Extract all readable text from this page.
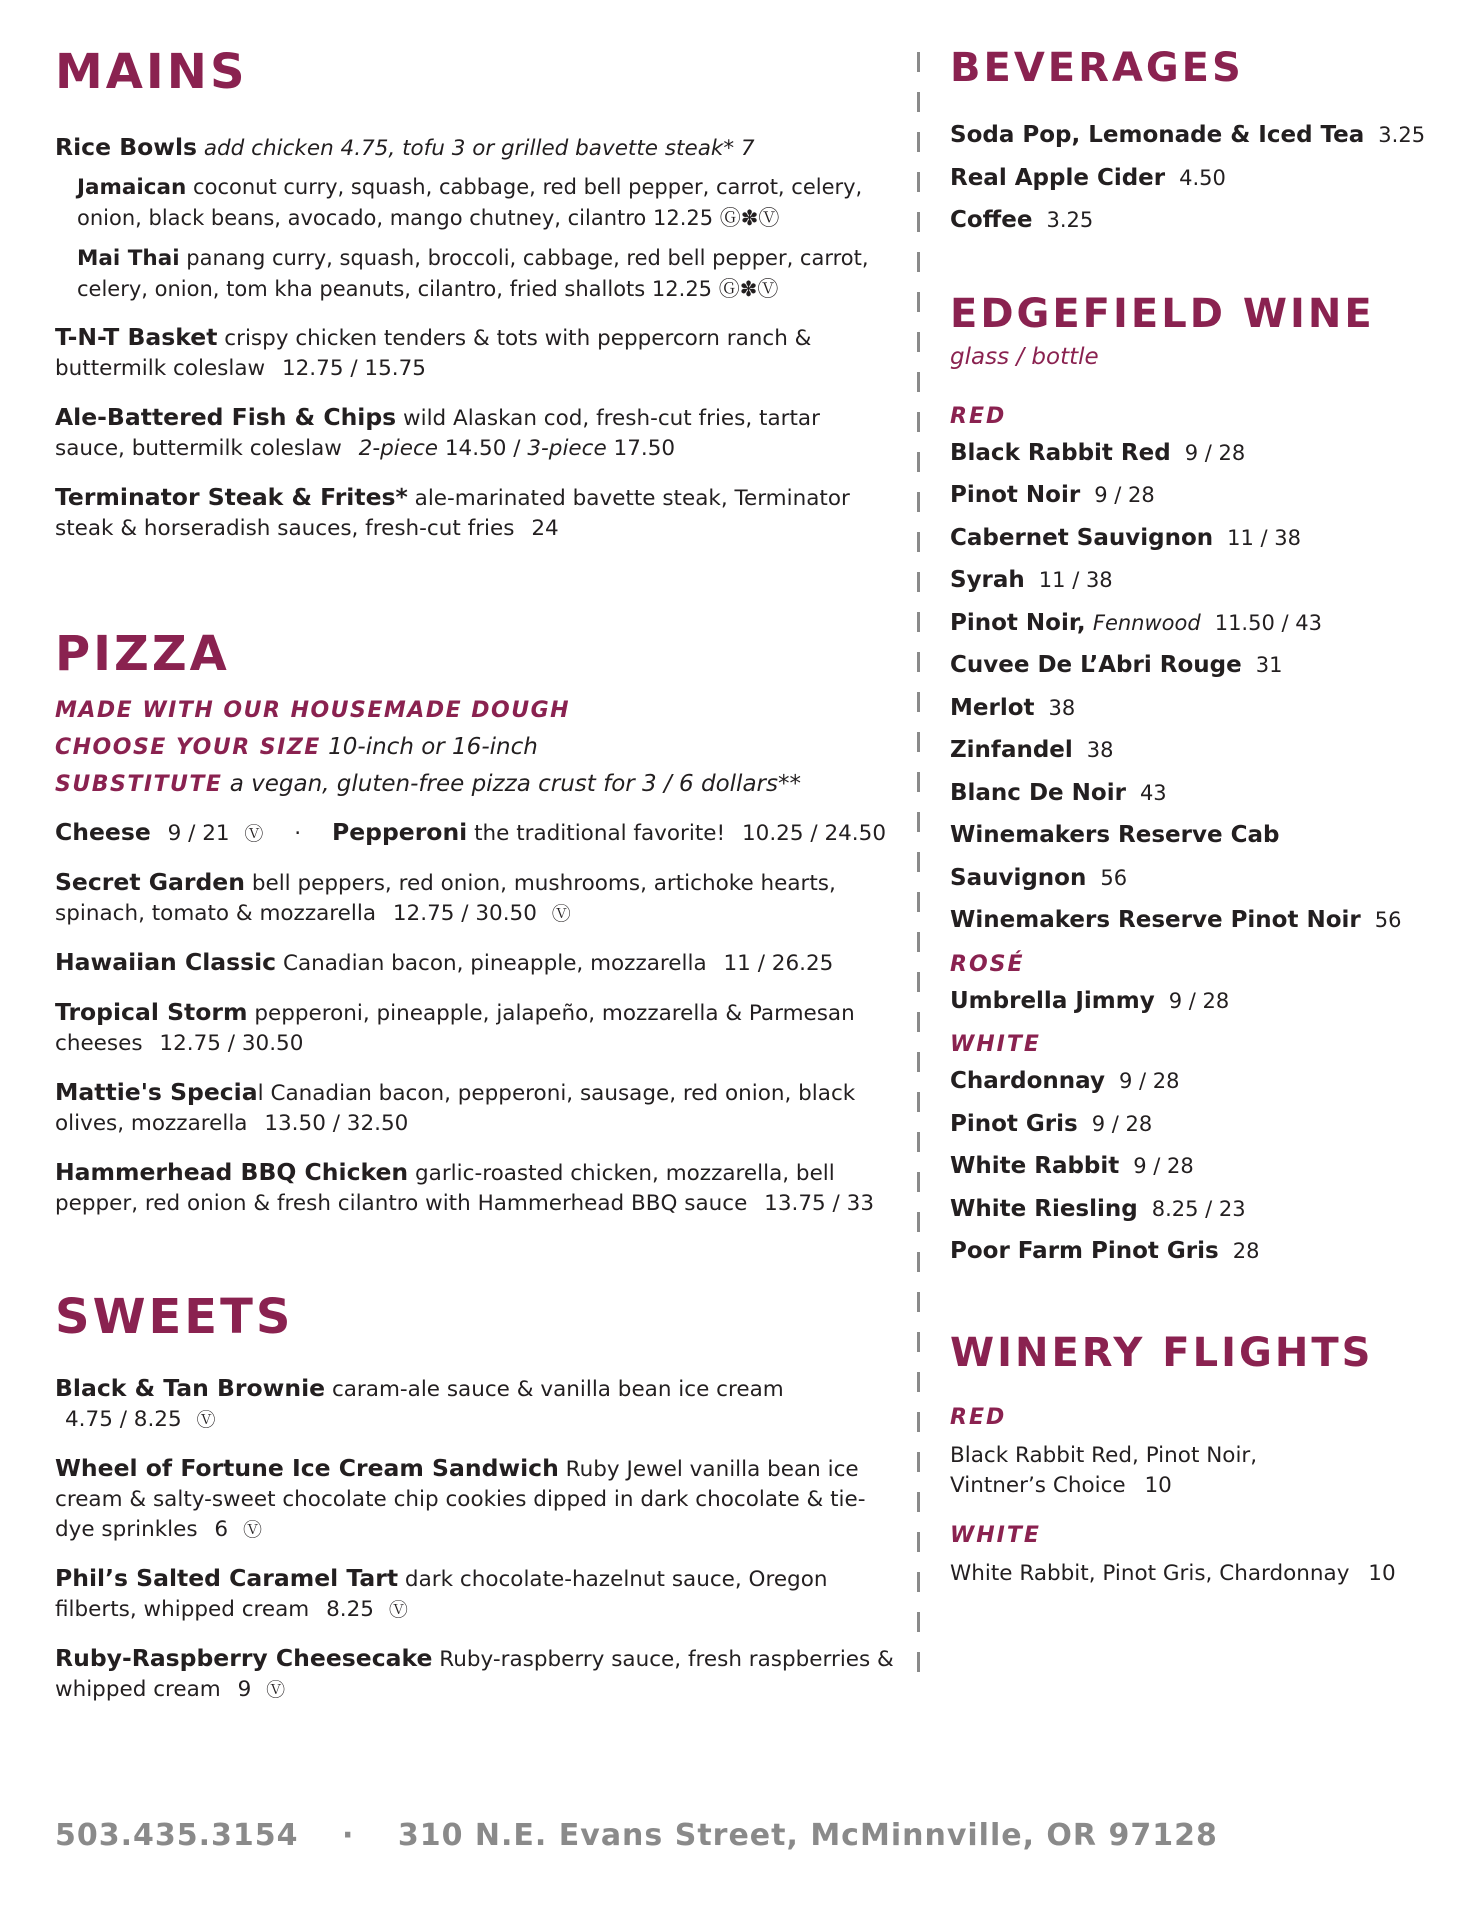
MAINS
Rice Bowls add chicken 4.75, tofu 3 or grilled bavette steak* 7
Jamaican coconut curry, squash, cabbage, red bell pepper, carrot, celery, onion, black beans, avocado, mango chutney, cilantro 12.25 Ⓖ✽Ⓥ
Mai Thai panang curry, squash, broccoli, cabbage, red bell pepper, carrot, celery, onion, tom kha peanuts, cilantro, fried shallots 12.25 Ⓖ✽Ⓥ
T-N-T Basket crispy chicken tenders & tots with peppercorn ranch & buttermilk coleslaw 12.75 / 15.75
Ale-Battered Fish & Chips wild Alaskan cod, fresh-cut fries, tartar sauce, buttermilk coleslaw 2-piece 14.50 / 3-piece 17.50
Terminator Steak & Frites* ale-marinated bavette steak, Terminator steak & horseradish sauces, fresh-cut fries 24
PIZZA
MADE WITH OUR HOUSEMADE DOUGH
CHOOSE YOUR SIZE 10-inch or 16-inch
SUBSTITUTE a vegan, gluten-free pizza crust for 3 / 6 dollars**
Cheese 9 / 21 Ⓥ · Pepperoni the traditional favorite! 10.25 / 24.50
Secret Garden bell peppers, red onion, mushrooms, artichoke hearts, spinach, tomato & mozzarella 12.75 / 30.50 Ⓥ
Hawaiian Classic Canadian bacon, pineapple, mozzarella 11 / 26.25
Tropical Storm pepperoni, pineapple, jalapeño, mozzarella & Parmesan cheeses 12.75 / 30.50
Mattie's Special Canadian bacon, pepperoni, sausage, red onion, black olives, mozzarella 13.50 / 32.50
Hammerhead BBQ Chicken garlic-roasted chicken, mozzarella, bell pepper, red onion & fresh cilantro with Hammerhead BBQ sauce 13.75 / 33
SWEETS
Black & Tan Brownie caram-ale sauce & vanilla bean ice cream 4.75 / 8.25 Ⓥ
Wheel of Fortune Ice Cream Sandwich Ruby Jewel vanilla bean ice cream & salty-sweet chocolate chip cookies dipped in dark chocolate & tie-dye sprinkles 6 Ⓥ
Phil’s Salted Caramel Tart dark chocolate-hazelnut sauce, Oregon filberts, whipped cream 8.25 Ⓥ
Ruby-Raspberry Cheesecake Ruby-raspberry sauce, fresh raspberries & whipped cream 9 Ⓥ
BEVERAGES
Soda Pop, Lemonade & Iced Tea 3.25
Real Apple Cider 4.50
Coffee 3.25
EDGEFIELD WINE
glass / bottle
RED
Black Rabbit Red 9 / 28
Pinot Noir 9 / 28
Cabernet Sauvignon 11 / 38
Syrah 11 / 38
Pinot Noir, Fennwood 11.50 / 43
Cuvee De L’Abri Rouge 31
Merlot 38
Zinfandel 38
Blanc De Noir 43
Winemakers Reserve Cab Sauvignon 56
Winemakers Reserve Pinot Noir 56
ROSÉ
Umbrella Jimmy 9 / 28
WHITE
Chardonnay 9 / 28
Pinot Gris 9 / 28
White Rabbit 9 / 28
White Riesling 8.25 / 23
Poor Farm Pinot Gris 28
WINERY FLIGHTS
RED
Black Rabbit Red, Pinot Noir, Vintner’s Choice 10
WHITE
White Rabbit, Pinot Gris, Chardonnay 10
503.435.3154 · 310 N.E. Evans Street, McMinnville, OR 97128
